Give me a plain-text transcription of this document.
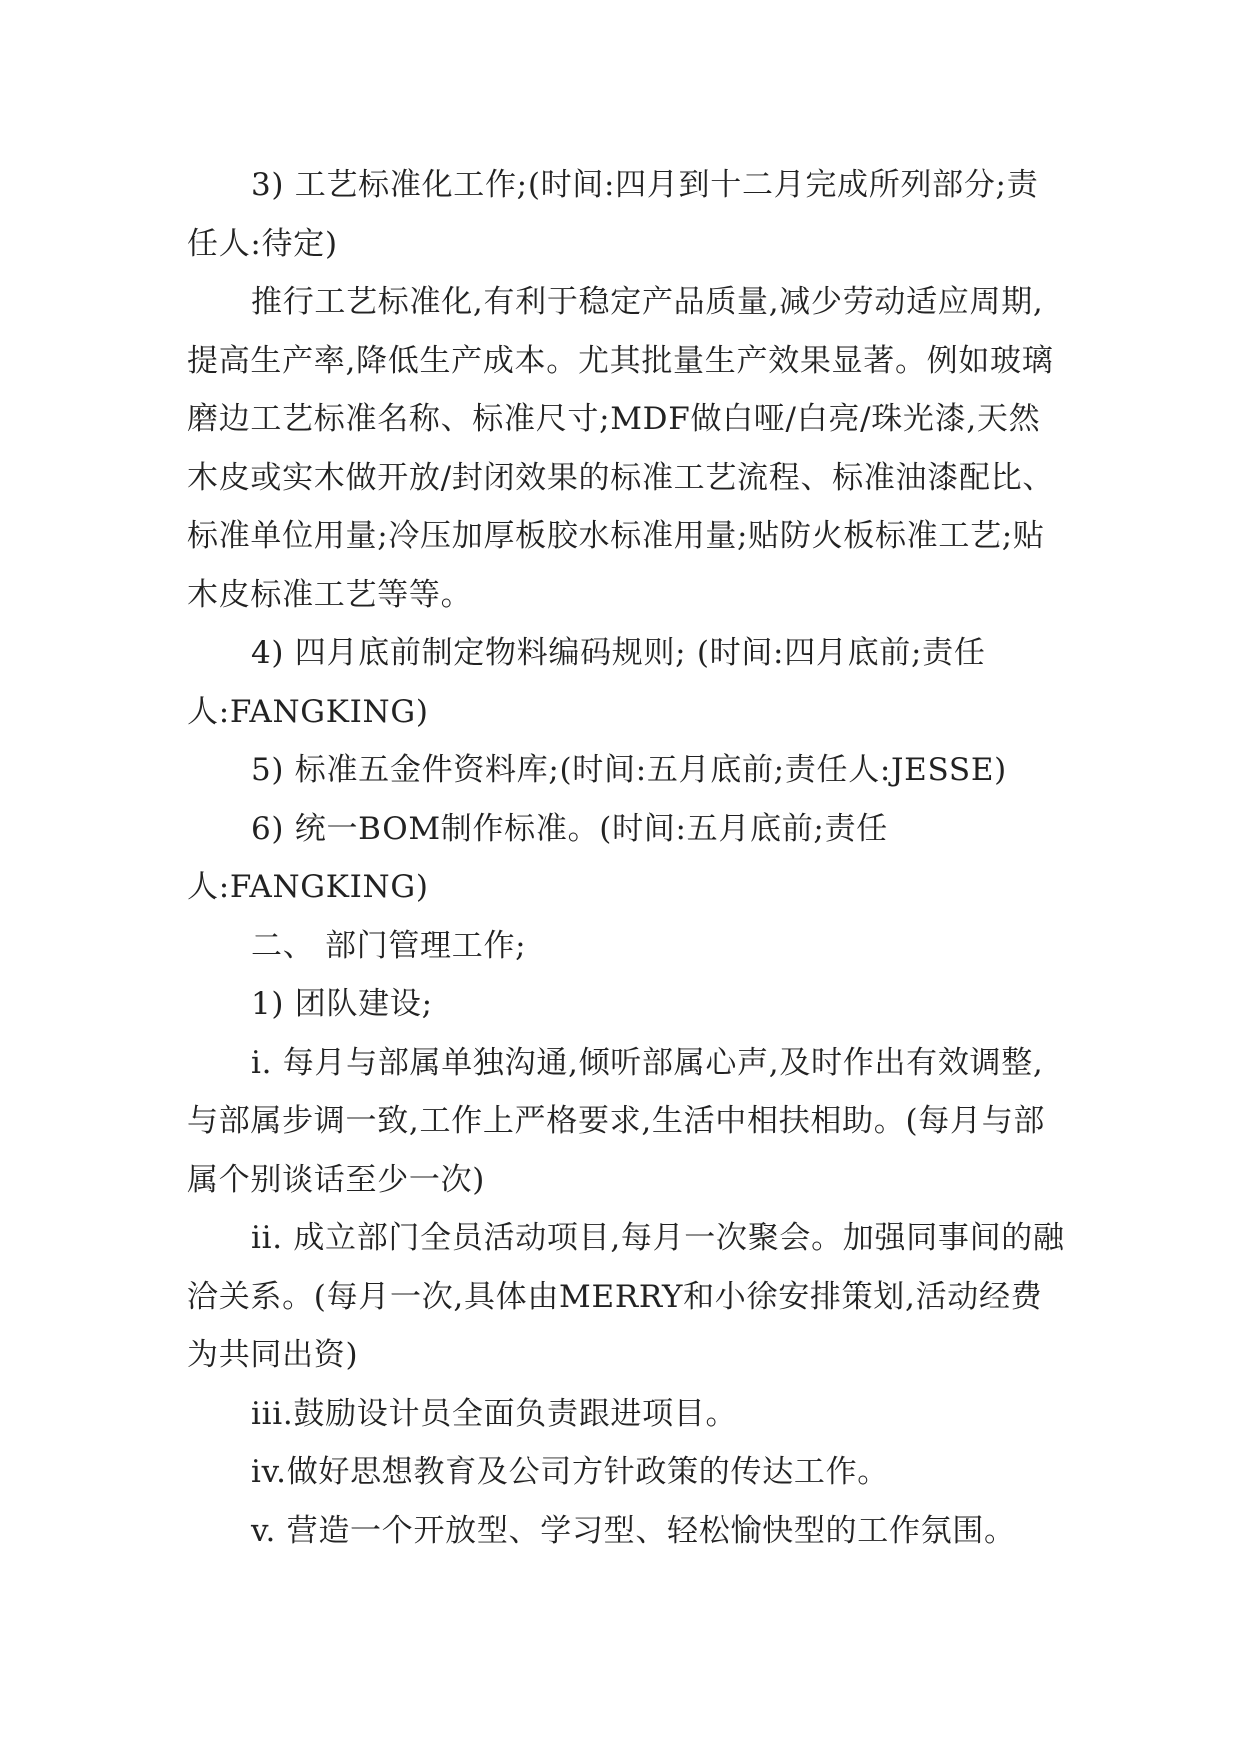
3) 工艺标准化工作;(时间:四月到十二月完成所列部分;责任人:待定)

推行工艺标准化,有利于稳定产品质量,减少劳动适应周期,提高生产率,降低生产成本。尤其批量生产效果显著。例如玻璃磨边工艺标准名称、标准尺寸;MDF做白哑/白亮/珠光漆,天然木皮或实木做开放/封闭效果的标准工艺流程、标准油漆配比、标准单位用量;冷压加厚板胶水标准用量;贴防火板标准工艺;贴木皮标准工艺等等。

4) 四月底前制定物料编码规则; (时间:四月底前;责任人:FANGKING)

5) 标准五金件资料库;(时间:五月底前;责任人:JESSE)

6) 统一BOM制作标准。(时间:五月底前;责任人:FANGKING)

二、 部门管理工作;

1) 团队建设;

i. 每月与部属单独沟通,倾听部属心声,及时作出有效调整,与部属步调一致,工作上严格要求,生活中相扶相助。(每月与部属个别谈话至少一次)

ii. 成立部门全员活动项目,每月一次聚会。加强同事间的融洽关系。(每月一次,具体由MERRY和小徐安排策划,活动经费为共同出资)

iii.鼓励设计员全面负责跟进项目。

iv.做好思想教育及公司方针政策的传达工作。

v. 营造一个开放型、学习型、轻松愉快型的工作氛围。
